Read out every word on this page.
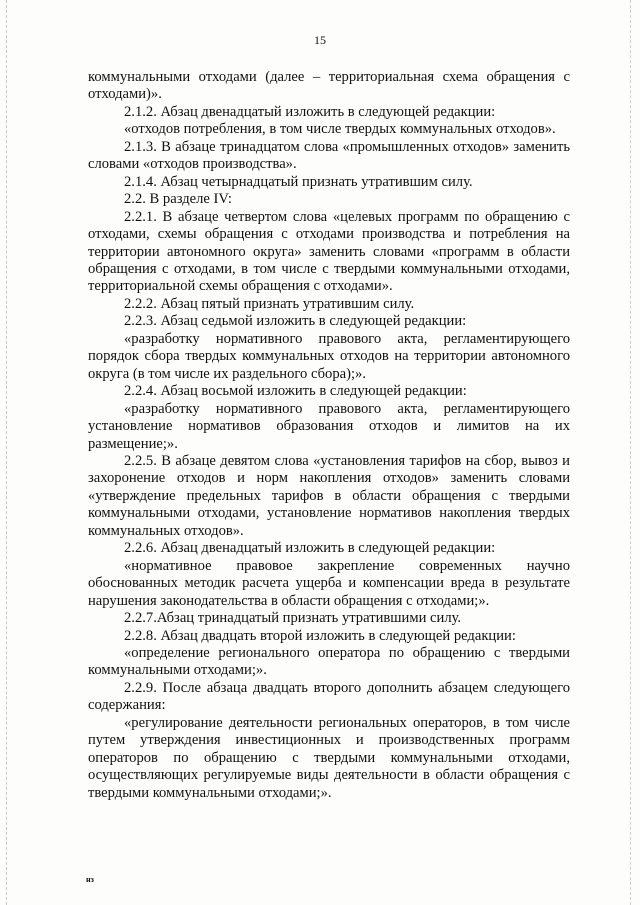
15

коммунальными отходами (далее – территориальная схема обращения с отходами)».

2.1.2. Абзац двенадцатый изложить в следующей редакции:

«отходов потребления, в том числе твердых коммунальных отходов».

2.1.3. В абзаце тринадцатом слова «промышленных отходов» заменить словами «отходов производства».

2.1.4. Абзац четырнадцатый признать утратившим силу.

2.2. В разделе IV:

2.2.1. В абзаце четвертом слова «целевых программ по обращению с отходами, схемы обращения с отходами производства и потребления на территории автономного округа» заменить словами «программ в области обращения с отходами, в том числе с твердыми коммунальными отходами, территориальной схемы обращения с отходами».

2.2.2. Абзац пятый признать утратившим силу.

2.2.3. Абзац седьмой изложить в следующей редакции:

«разработку нормативного правового акта, регламентирующего порядок сбора твердых коммунальных отходов на территории автономного округа (в том числе их раздельного сбора);».

2.2.4. Абзац восьмой изложить в следующей редакции:

«разработку нормативного правового акта, регламентирующего установление нормативов образования отходов и лимитов на их размещение;».

2.2.5. В абзаце девятом слова «установления тарифов на сбор, вывоз и захоронение отходов и норм накопления отходов» заменить словами «утверждение предельных тарифов в области обращения с твердыми коммунальными отходами, установление нормативов накопления твердых коммунальных отходов».

2.2.6. Абзац двенадцатый изложить в следующей редакции:

«нормативное правовое закрепление современных научно обоснованных методик расчета ущерба и компенсации вреда в результате нарушения законодательства в области обращения с отходами;».

2.2.7.Абзац тринадцатый признать утратившими силу.

2.2.8. Абзац двадцать второй изложить в следующей редакции:

«определение регионального оператора по обращению с твердыми коммунальными отходами;».

2.2.9. После абзаца двадцать второго дополнить абзацем следующего содержания:

«регулирование деятельности региональных операторов, в том числе путем утверждения инвестиционных и производственных программ операторов по обращению с твердыми коммунальными отходами, осуществляющих регулируемые виды деятельности в области обращения с твердыми коммунальными отходами;».

нз
